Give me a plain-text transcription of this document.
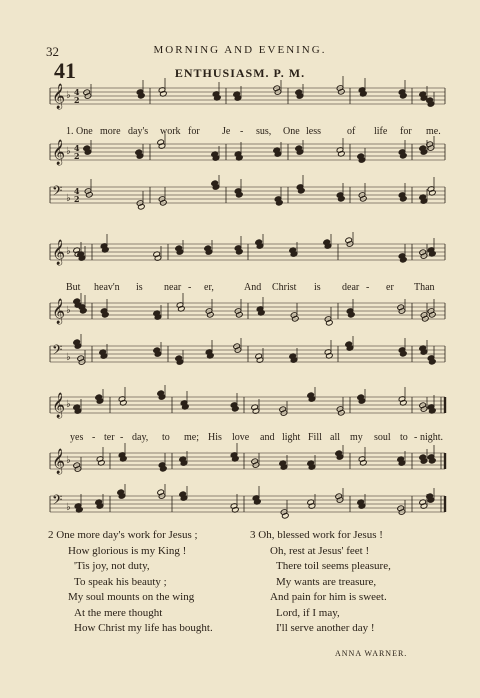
32	MORNING AND EVENING.
41	ENTHUSIASM. P. M.
𝄞 ♭ 4
2
𝄞 ♭ 4
2
𝄢 ♭
4
2
𝄞 ♭
𝄞 ♭
𝄢 ♭
𝄞 ♭
𝄞 ♭
𝄢 ♭
1. One more day's work for Je - sus, One less	of life for me.
But heav'n is near - er,	And Christ is dear - er Than
yes - ter - day, to me; His love and light Fill all my soul to - night.
2 One more day's work for Jesus ;
How glorious is my King !
'Tis joy, not duty,
To speak his beauty ;
My soul mounts on the wing
At the mere thought
How Christ my life has bought.
3 Oh, blessed work for Jesus !
Oh, rest at Jesus' feet !
There toil seems pleasure,
My wants are treasure,
And pain for him is sweet.
Lord, if I may,
I'll serve another day !
ANNA WARNER.
